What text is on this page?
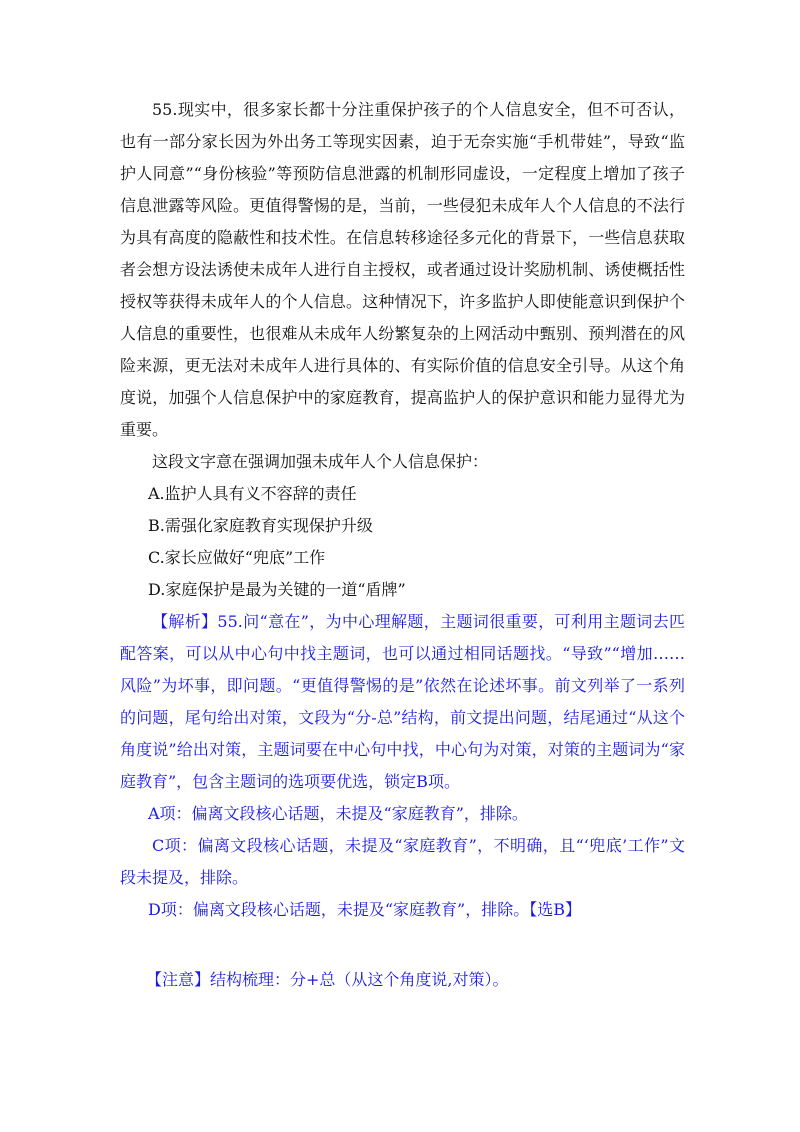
55.现实中，很多家长都十分注重保护孩子的个人信息安全，但不可否认，也有一部分家长因为外出务工等现实因素，迫于无奈实施“手机带娃”，导致“监护人同意”“身份核验”等预防信息泄露的机制形同虚设，一定程度上增加了孩子信息泄露等风险。更值得警惕的是，当前，一些侵犯未成年人个人信息的不法行为具有高度的隐蔽性和技术性。在信息转移途径多元化的背景下，一些信息获取者会想方设法诱使未成年人进行自主授权，或者通过设计奖励机制、诱使概括性授权等获得未成年人的个人信息。这种情况下，许多监护人即使能意识到保护个人信息的重要性，也很难从未成年人纷繁复杂的上网活动中甄别、预判潜在的风险来源，更无法对未成年人进行具体的、有实际价值的信息安全引导。从这个角度说，加强个人信息保护中的家庭教育，提高监护人的保护意识和能力显得尤为重要。

这段文字意在强调加强未成年人个人信息保护：

A.监护人具有义不容辞的责任

B.需强化家庭教育实现保护升级

C.家长应做好“兜底”工作

D.家庭保护是最为关键的一道“盾牌”

【解析】55.问“意在”，为中心理解题，主题词很重要，可利用主题词去匹配答案，可以从中心句中找主题词，也可以通过相同话题找。“导致”“增加……风险”为坏事，即问题。“更值得警惕的是”依然在论述坏事。前文列举了一系列的问题，尾句给出对策，文段为“分-总”结构，前文提出问题，结尾通过“从这个角度说”给出对策，主题词要在中心句中找，中心句为对策，对策的主题词为“家庭教育”，包含主题词的选项要优选，锁定B项。

A项：偏离文段核心话题，未提及“家庭教育”，排除。

C项：偏离文段核心话题，未提及“家庭教育”，不明确，且“‘兜底’工作”文段未提及，排除。

D项：偏离文段核心话题，未提及“家庭教育”，排除。【选B】

【注意】结构梳理：分+总（从这个角度说,对策）。
